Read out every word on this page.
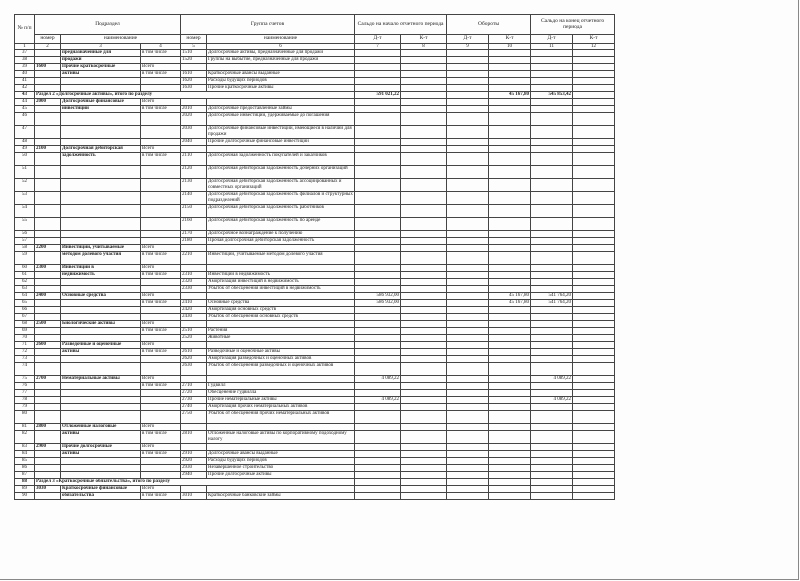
№ п/п	Подраздел			Группа счетов		Сальдо на начало отчетного периода		Обороты		Сальдо на конец отчетного периода	
	номер	наименование		номер	наименование	Д-т	К-т	Д-т	К-т	Д-т	К-т
1	2	3	4	5	6	7	8	9	10	11	12
37		предназначенные для	в том числе	1510	Долгосрочные активы, предназначенные для продажи						
38		продажи		1520	Группы на выбытие, предназначенные для продажи						
39	1600	Прочие краткосрочные	Всего								
40		активы	в том числе	1610	Краткосрочные авансы выданные						
41				1620	Расходы будущих периодов						
42				1630	Прочие краткосрочные активы						
43	Раздел 2 «Долгосрочные активы», итого по разделу					591 021,22			45 167,80	545 853,42	
44	2000	Долгосрочные финансовые	Всего								
45		инвестиции	в том числе	2010	Долгосрочные предоставленные займы						
46				2020	Долгосрочные инвестиции, удерживаемые до погашения						
47				2030	Долгосрочные финансовые инвестиции, имеющиеся в наличии для продажи						
48				2040	Прочие долгосрочные финансовые инвестиции						
49	2100	Долгосрочная дебиторская	Всего								
50		задолженность	в том числе	2110	Долгосрочная задолженность покупателей и заказчиков						
51				2120	Долгосрочная дебиторская задолженность дочерних организаций						
52				2130	Долгосрочная дебиторская задолженность ассоциированных и совместных организаций						
53				2140	Долгосрочная дебиторская задолженность филиалов и структурных подразделений						
54				2150	Долгосрочная дебиторская задолженность работников						
55				2160	Долгосрочная дебиторская задолженность по аренде						
56				2170	Долгосрочное вознаграждение к получению						
57				2180	Прочая долгосрочная дебиторская задолженность						
58	2200	Инвестиции, учитываемые	Всего								
59		методом долевого участия	в том числе	2210	Инвестиции, учитываемые методом долевого участия						
60	2300	Инвестиции в	Всего								
61		недвижимость	в том числе	2310	Инвестиции в недвижимость						
62				2320	Амортизация инвестиций в недвижимость						
63				2330	Убыток от обесценения инвестиций в недвижимость						
64	2400	Основные средства	Всего			586 932,00			45 167,80	541 764,20	
65			в том числе	2410	Основные средства	586 932,00			45 167,80	541 764,20	
66				2420	Амортизация основных средств						
67				2430	Убыток от обесценения основных средств						
68	2500	Биологические активы	Всего								
69			в том числе	2510	Растения						
70				2520	Животные						
71	2600	Разведочные и оценочные	Всего								
72		активы	в том числе	2610	Разведочные и оценочные активы						
73				2620	Амортизация разведочных и оценочных активов						
74				2630	Убыток от обесценения разведочных и оценочных активов						
75	2700	Нематериальные активы	Всего			4 089,22				4 089,22	
76			в том числе	2710	Гудвилл						
77				2720	Обесценение гудвилла						
78				2730	Прочие нематериальные активы	4 089,22				4 089,22	
79				2740	Амортизация прочих нематериальных активов						
80				2750	Убыток от обесценения прочих нематериальных активов						
81	2800	Отложенные налоговые	Всего								
82		активы	в том числе	2810	Отложенные налоговые активы по корпоративному подоходному налогу						
83	2900	Прочие долгосрочные	Всего								
84		активы	в том числе	2910	Долгосрочные авансы выданные						
85				2920	Расходы будущих периодов						
86				2930	Незавершенное строительство						
87				2940	Прочие долгосрочные активы						
88	Раздел 3 «Краткосрочные обязательства», итого по разделу										
89	3030	Краткосрочные финансовые	Всего								
90		обязательства	в том числе	3010	Краткосрочные банковские займы						
